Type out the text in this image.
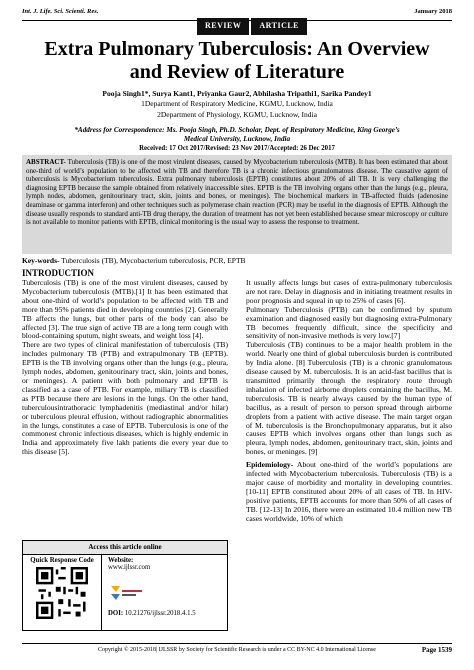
Int. J. Life. Sci. Scienti. Res.	January 2018
REVIEW	ARTICLE
Extra Pulmonary Tuberculosis: An Overview
and Review of Literature
Pooja Singh1*, Surya Kant1, Priyanka Gaur2, Abhilasha Tripathi1, Sarika Pandey1
1Department of Respiratory Medicine, KGMU, Lucknow, India
2Department of Physiology, KGMU, Lucknow, India
*Address for Correspondence: Ms. Pooja Singh, Ph.D. Scholar, Dept. of Respiratory Medicine, King George’s
Medical University, Lucknow, India
Received: 17 Oct 2017/Revised: 23 Nov 2017/Accepted: 26 Dec 2017
ABSTRACT- Tuberculosis (TB) is one of the most virulent diseases, caused by Mycobacterium tuberculosis (MTB). It has been estimated that about one-third of world’s population to be affected with TB and therefore TB is a chronic infectious granulomatous disease. The causative agent of tuberculosis is Mycobacterium tuberculosis. Extra pulmonary tuberculosis (EPTB) constitutes about 20% of all TB. It is very challenging the diagnosing EPTB because the sample obtained from relatively inaccessible sites. EPTB is the TB involving organs other than the lungs (e.g., pleura, lymph nodes, abdomen, genitourinary tract, skin, joints and bones, or meninges). The biochemical markers in TB-affected fluids (adenosine deaminase or gamma interferon) and other techniques such as polymerase chain reaction (PCR) may be useful in the diagnosis of EPTB. Although the disease usually responds to standard anti-TB drug therapy, the duration of treatment has not yet been established because smear microscopy or culture is not available to monitor patients with EPTB, clinical monitoring is the usual way to assess the response to treatment.
Key-words- Tuberculosis (TB), Mycobacterium tuberculosis, PCR, EPTB
INTRODUCTION

Tuberculosis (TB) is one of the most virulent diseases, caused by Mycobacterium tuberculosis (MTB).[1] It has been estimated that about one-third of world’s population to be affected with TB and more than 95% patients died in developing countries [2]. Generally TB affects the lungs, but other parts of the body can also be affected [3]. The true sign of active TB are a long term cough with blood-containing sputum, night sweats, and weight loss [4].

There are two types of clinical manifestation of tuberculosis (TB) includes pulmonary TB (PTB) and extrapulmonary TB (EPTB). EPTB is the TB involving organs other than the lungs (e.g., pleura, lymph nodes, abdomen, genitourinary tract, skin, joints and bones, or meninges). A patient with both pulmonary and EPTB is classified as a case of PTB. For example, miliary TB is classified as PTB because there are lesions in the lungs. On the other hand, tuberculousintrathoracic lymphadenitis (mediastinal and/or hilar) or tuberculous pleural effusion, without radiographic abnormalities in the lungs, constitutes a case of EPTB. Tuberculosis is one of the commonest chronic infectious diseases, which is highly endemic in India and approximately five lakh patients die every year due to this disease [5].

It usually affects lungs but cases of extra-pulmonary tuberculosis are not rare. Delay in diagnosis and in initiating treatment results in poor prognosis and squeal in up to 25% of cases [6].

Pulmonary Tuberculosis (PTB) can be confirmed by sputum examination and diagnosed easily but diagnosing extra-Pulmonary TB becomes frequently difficult, since the specificity and sensitivity of non-invasive methods is very low.[7]

Tuberculosis (TB) continues to be a major health problem in the world. Nearly one third of global tuberculosis burden is contributed by India alone. [8] Tuberculosis (TB) is a chronic granulomatous disease caused by M. tuberculosis. It is an acid-fast bacillus that is transmitted primarily through the respiratory route through inhalation of infected airborne droplets containing the bacillus, M. tuberculosis. TB is nearly always caused by the human type of bacillus, as a result of person to person spread through airborne droplets from a patient with active disease. The main target organ of M. tuberculosis is the Bronchopulmonary apparatus, but it also causes EPTB which involves organs other than lungs such as pleura, lymph nodes, abdomen, genitourinary tract, skin, joints and bones, or meninges. [9]

Epidemiology- About one-third of the world’s populations are infected with Mycobacterium tuberculosis. Tuberculosis (TB) is a major cause of morbidity and mortality in developing countries. [10-11] EPTB constituted about 20% of all cases of TB. In HIV-positive patients, EPTB accounts for more than 50% of all cases of TB. [12-13] In 2016, there were an estimated 10.4 million new TB cases worldwide, 10% of which

Access this article online
Quick Response Code Website:
www.ijlssr.com
DOI: 10.21276/ijlssr.2018.4.1.5
Copyright © 2015-2018| IJLSSR by Society for Scientific Research is under a CC BY-NC 4.0 International License	Page 1539
